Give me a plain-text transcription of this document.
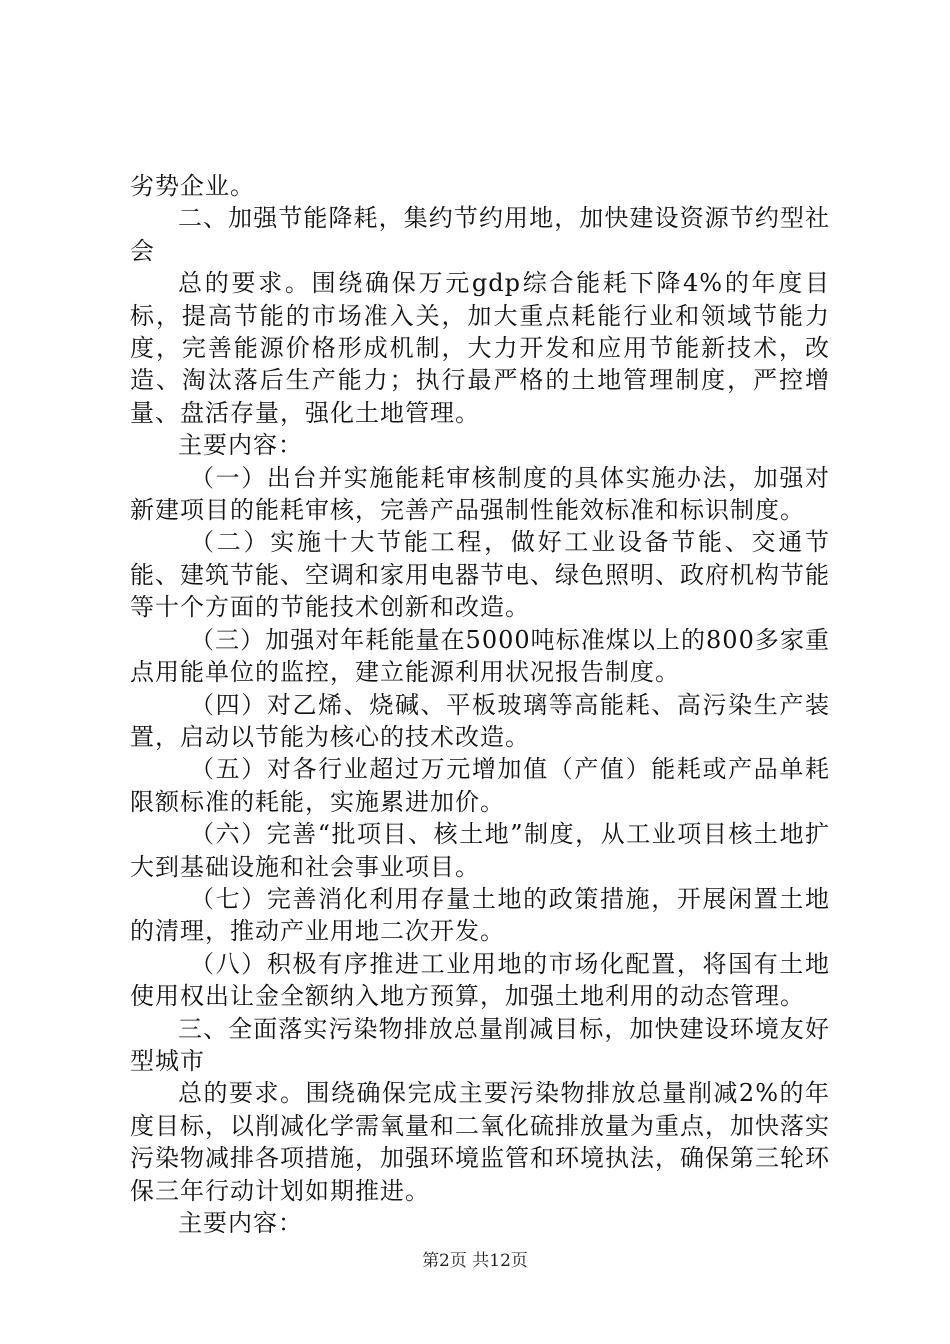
劣势企业。

二、加强节能降耗，集约节约用地，加快建设资源节约型社会

总的要求。围绕确保万元gdp综合能耗下降4%的年度目标，提高节能的市场准入关，加大重点耗能行业和领域节能力度，完善能源价格形成机制，大力开发和应用节能新技术，改造、淘汰落后生产能力；执行最严格的土地管理制度，严控增量、盘活存量，强化土地管理。

主要内容：

（一）出台并实施能耗审核制度的具体实施办法，加强对新建项目的能耗审核，完善产品强制性能效标准和标识制度。

（二）实施十大节能工程，做好工业设备节能、交通节能、建筑节能、空调和家用电器节电、绿色照明、政府机构节能等十个方面的节能技术创新和改造。

（三）加强对年耗能量在5000吨标准煤以上的800多家重点用能单位的监控，建立能源利用状况报告制度。

（四）对乙烯、烧碱、平板玻璃等高能耗、高污染生产装置，启动以节能为核心的技术改造。

（五）对各行业超过万元增加值（产值）能耗或产品单耗限额标准的耗能，实施累进加价。

（六）完善“批项目、核土地”制度，从工业项目核土地扩大到基础设施和社会事业项目。

（七）完善消化利用存量土地的政策措施，开展闲置土地的清理，推动产业用地二次开发。

（八）积极有序推进工业用地的市场化配置，将国有土地使用权出让金全额纳入地方预算，加强土地利用的动态管理。

三、全面落实污染物排放总量削减目标，加快建设环境友好型城市

总的要求。围绕确保完成主要污染物排放总量削减2%的年度目标，以削减化学需氧量和二氧化硫排放量为重点，加快落实污染物减排各项措施，加强环境监管和环境执法，确保第三轮环保三年行动计划如期推进。

主要内容：

第2页 共12页
